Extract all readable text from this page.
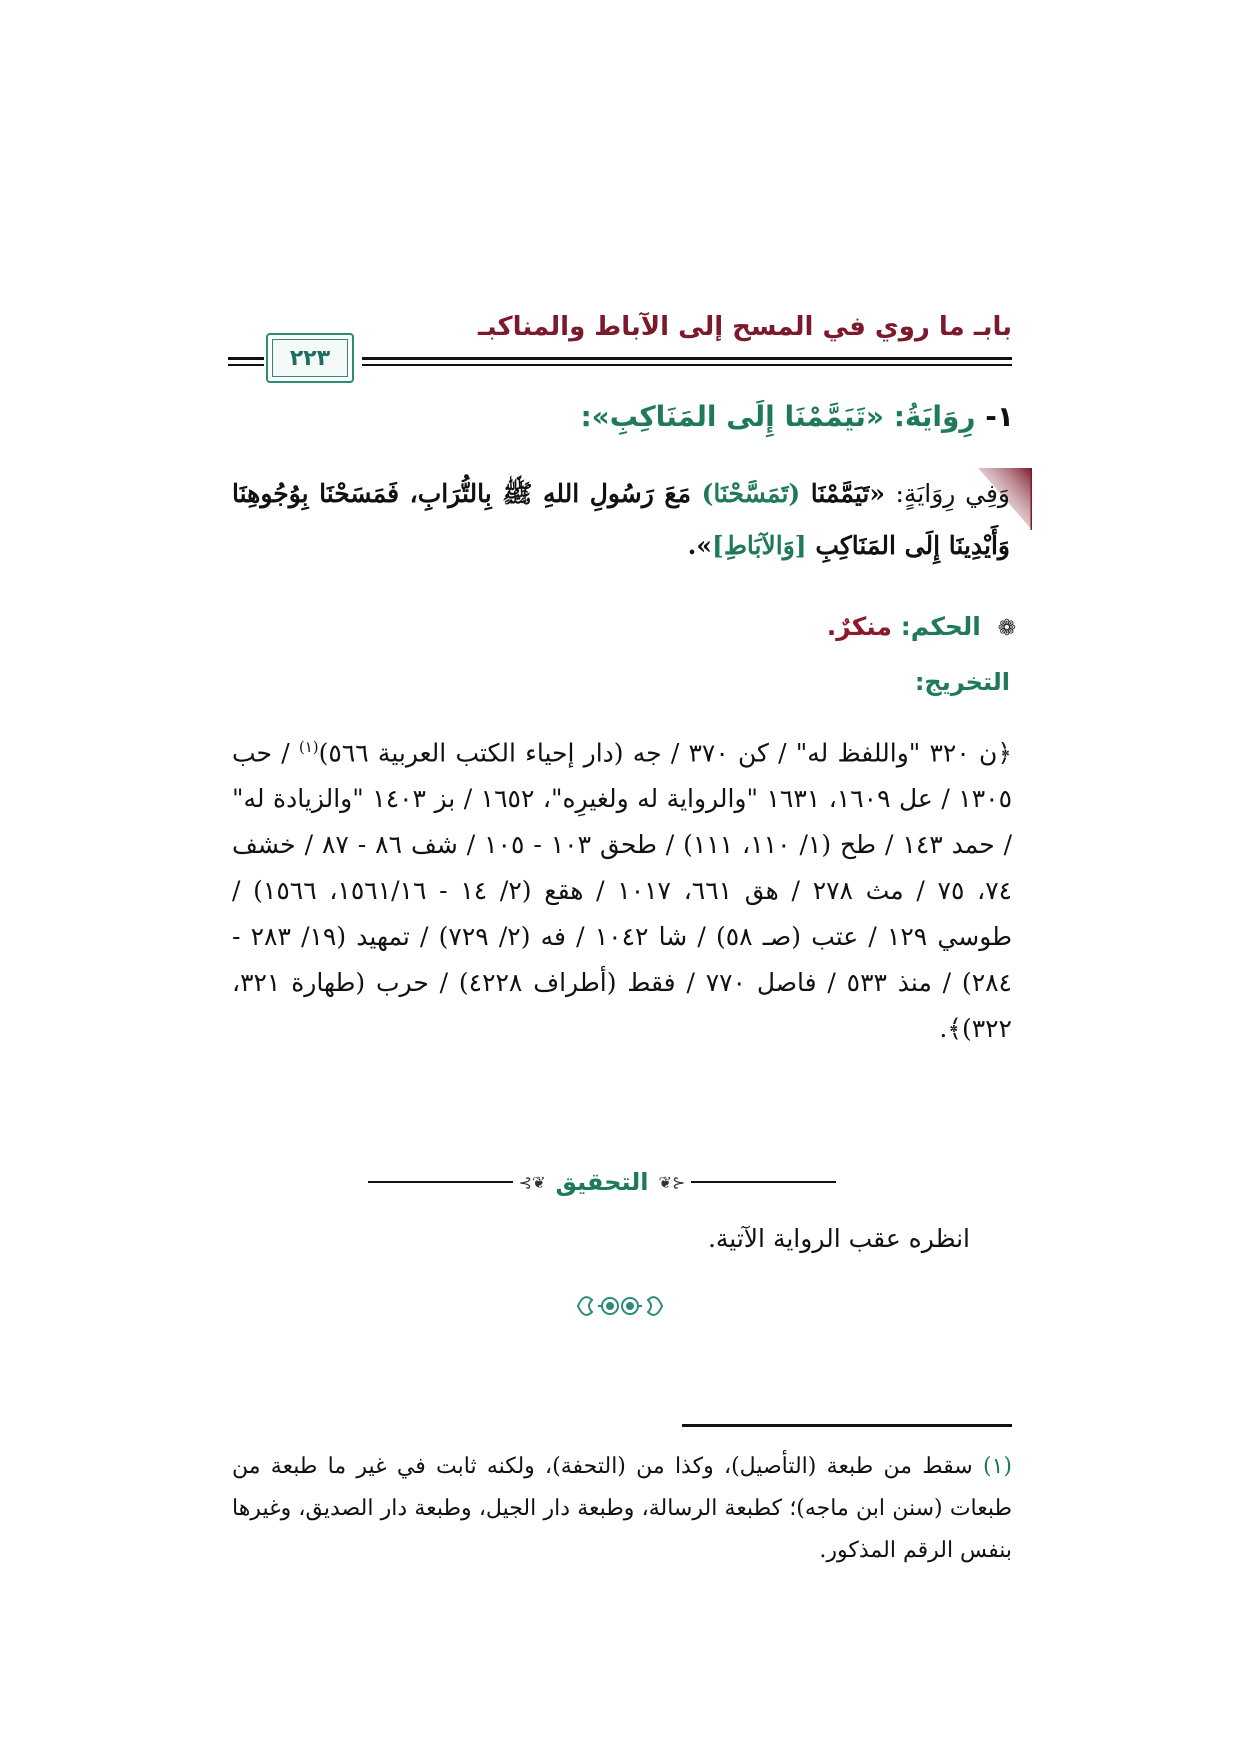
بابـ ما روي في المسح إلى الآباط والمناكبـ
٢٢٣
١- رِوَايَةُ: «تَيَمَّمْنَا إِلَى المَنَاكِبِ»:
وَفِي رِوَايَةٍ: «تَيَمَّمْنَا (تَمَسَّحْنَا) مَعَ رَسُولِ اللهِ ﷺ بِالتُّرَابِ، فَمَسَحْنَا بِوُجُوهِنَا وَأَيْدِينَا إِلَى المَنَاكِبِ [وَالآبَاطِ]».
❁ الحكم: منكرٌ.
التخريج:
﴿ن ٣٢٠ "واللفظ له" / كن ٣٧٠ / جه (دار إحياء الكتب العربية ٥٦٦)$^{(١)}$ / حب ١٣٠٥ / عل ١٦٠٩، ١٦٣١ "والرواية له ولغيرِه"، ١٦٥٢ / بز ١٤٠٣ "والزيادة له" / حمد ١٤٣ / طح (١/ ١١٠، ١١١) / طحق ١٠٣ - ١٠٥ / شف ٨٦ - ٨٧ / خشف ٧٤، ٧٥ / مث ٢٧٨ / هق ٦٦١، ١٠١٧ / هقع (٢/ ١٤ - ١٥٦١/١٦، ١٥٦٦) / طوسي ١٢٩ / عتب (صـ ٥٨) / شا ١٠٤٢ / فه (٢/ ٧٢٩) / تمهيد (١٩/ ٢٨٣ - ٢٨٤) / منذ ٥٣٣ / فاصل ٧٧٠ / فقط (أطراف ٤٢٢٨) / حرب (طهارة ٣٢١، ٣٢٢)﴾.
⊰❦ التحقيق ❦⊱
انظره عقب الرواية الآتية.
(١) سقط من طبعة (التأصيل)، وكذا من (التحفة)، ولكنه ثابت في غير ما طبعة من طبعات (سنن ابن ماجه)؛ كطبعة الرسالة، وطبعة دار الجيل، وطبعة دار الصديق، وغيرها بنفس الرقم المذكور.
